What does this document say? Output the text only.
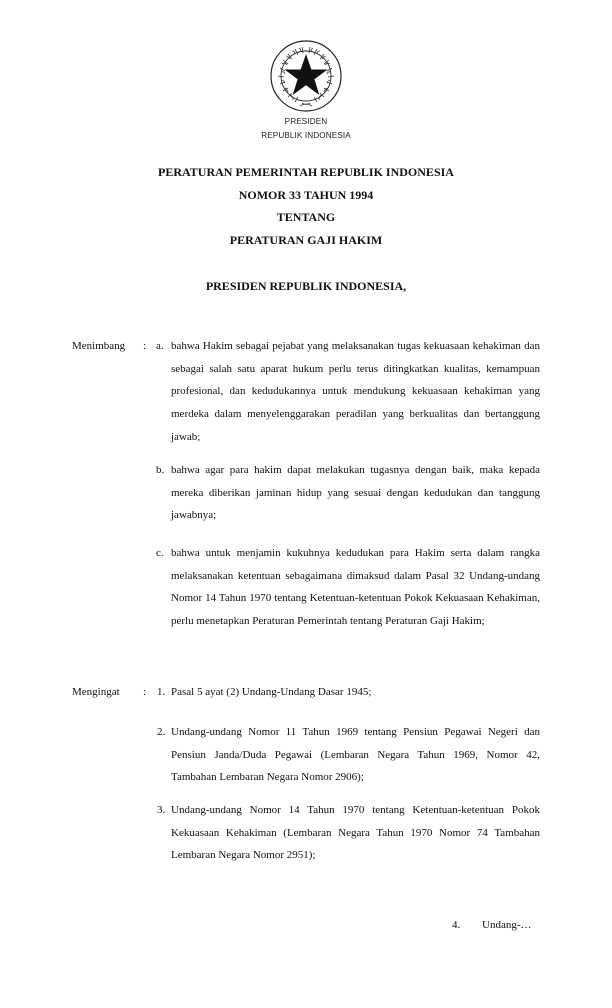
PRESIDEN
REPUBLIK INDONESIA
PERATURAN PEMERINTAH REPUBLIK INDONESIA
NOMOR 33 TAHUN 1994
TENTANG
PERATURAN GAJI HAKIM
PRESIDEN REPUBLIK INDONESIA,
Menimbang : a. bahwa Hakim sebagai pejabat yang melaksanakan tugas kekuasaan kehakiman dan sebagai salah satu aparat hukum perlu terus ditingkatkan kualitas, kemampuan profesional, dan kedudukannya untuk mendukung kekuasaan kehakiman yang merdeka dalam menyelenggarakan peradilan yang berkualitas dan bertanggung jawab;
b. bahwa agar para hakim dapat melakukan tugasnya dengan baik, maka kepada mereka diberikan jaminan hidup yang sesuai dengan kedudukan dan tanggung jawabnya;
c. bahwa untuk menjamin kukuhnya kedudukan para Hakim serta dalam rangka melaksanakan ketentuan sebagaimana dimaksud dalam Pasal 32 Undang-undang Nomor 14 Tahun 1970 tentang Ketentuan-ketentuan Pokok Kekuasaan Kehakiman, perlu menetapkan Peraturan Pemerintah tentang Peraturan Gaji Hakim;
Mengingat : 1. Pasal 5 ayat (2) Undang-Undang Dasar 1945;
2. Undang-undang Nomor 11 Tahun 1969 tentang Pensiun Pegawai Negeri dan Pensiun Janda/Duda Pegawai (Lembaran Negara Tahun 1969, Nomor 42, Tambahan Lembaran Negara Nomor 2906);
3. Undang-undang Nomor 14 Tahun 1970 tentang Ketentuan-ketentuan Pokok Kekuasaan Kehakiman (Lembaran Negara Tahun 1970 Nomor 74 Tambahan Lembaran Negara Nomor 2951);
4. Undang-…
